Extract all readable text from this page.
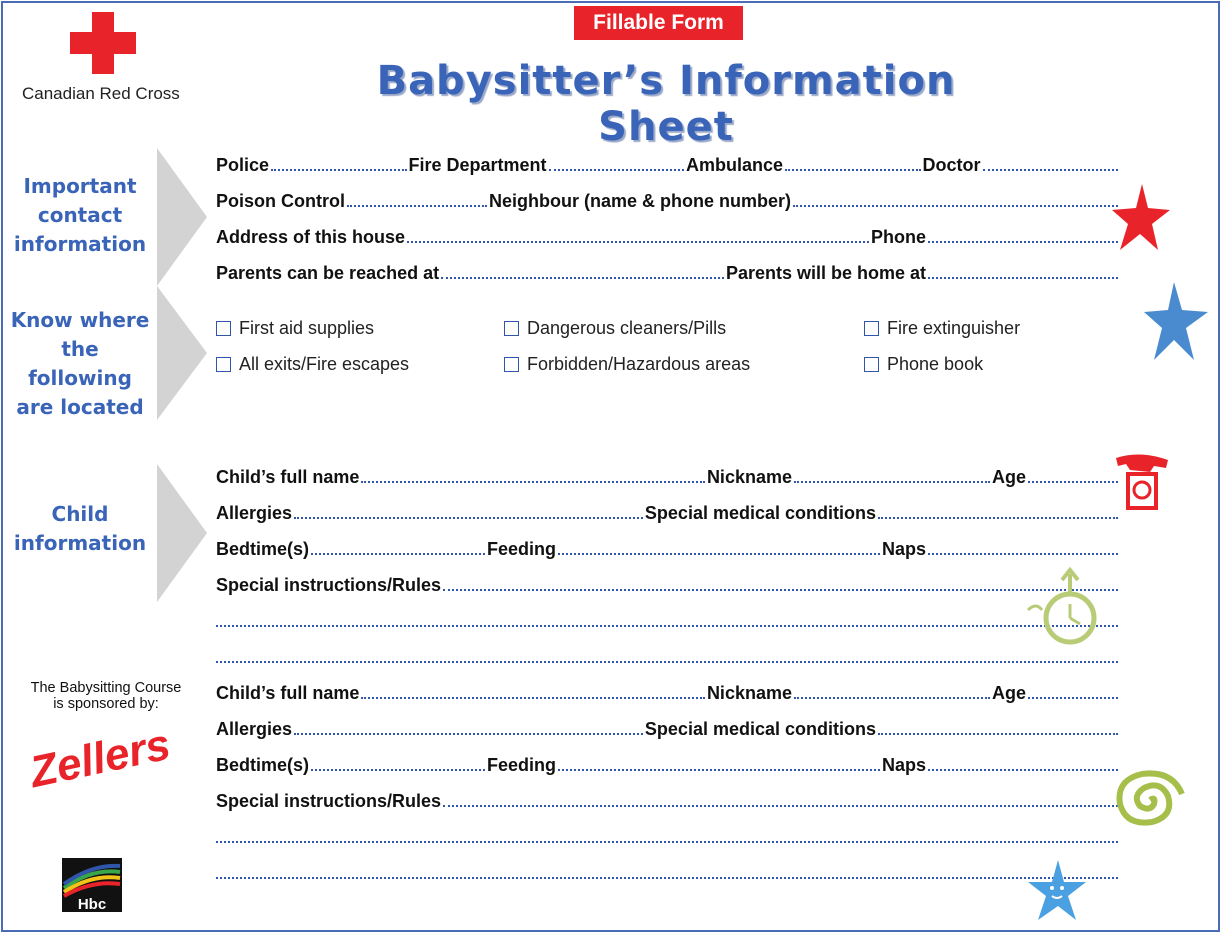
Canadian Red Cross
Fillable Form
Babysitter’s Information Sheet
Important
contact
information
Know where
the following
are located
Child
information
Police	Fire Department	Ambulance	Doctor
Poison Control	Neighbour (name & phone number)
Address of this house	Phone
Parents can be reached at	Parents will be home at
First aid supplies	Dangerous cleaners/Pills	Fire extinguisher
All exits/Fire escapes	Forbidden/Hazardous areas	Phone book
Child’s full name	Nickname	Age
Allergies	Special medical conditions
Bedtime(s)	Feeding	Naps
Special instructions/Rules
Child’s full name	Nickname	Age
Allergies	Special medical conditions
Bedtime(s)	Feeding	Naps
Special instructions/Rules
The Babysitting Course
is sponsored by:
Zellers
Hbc
